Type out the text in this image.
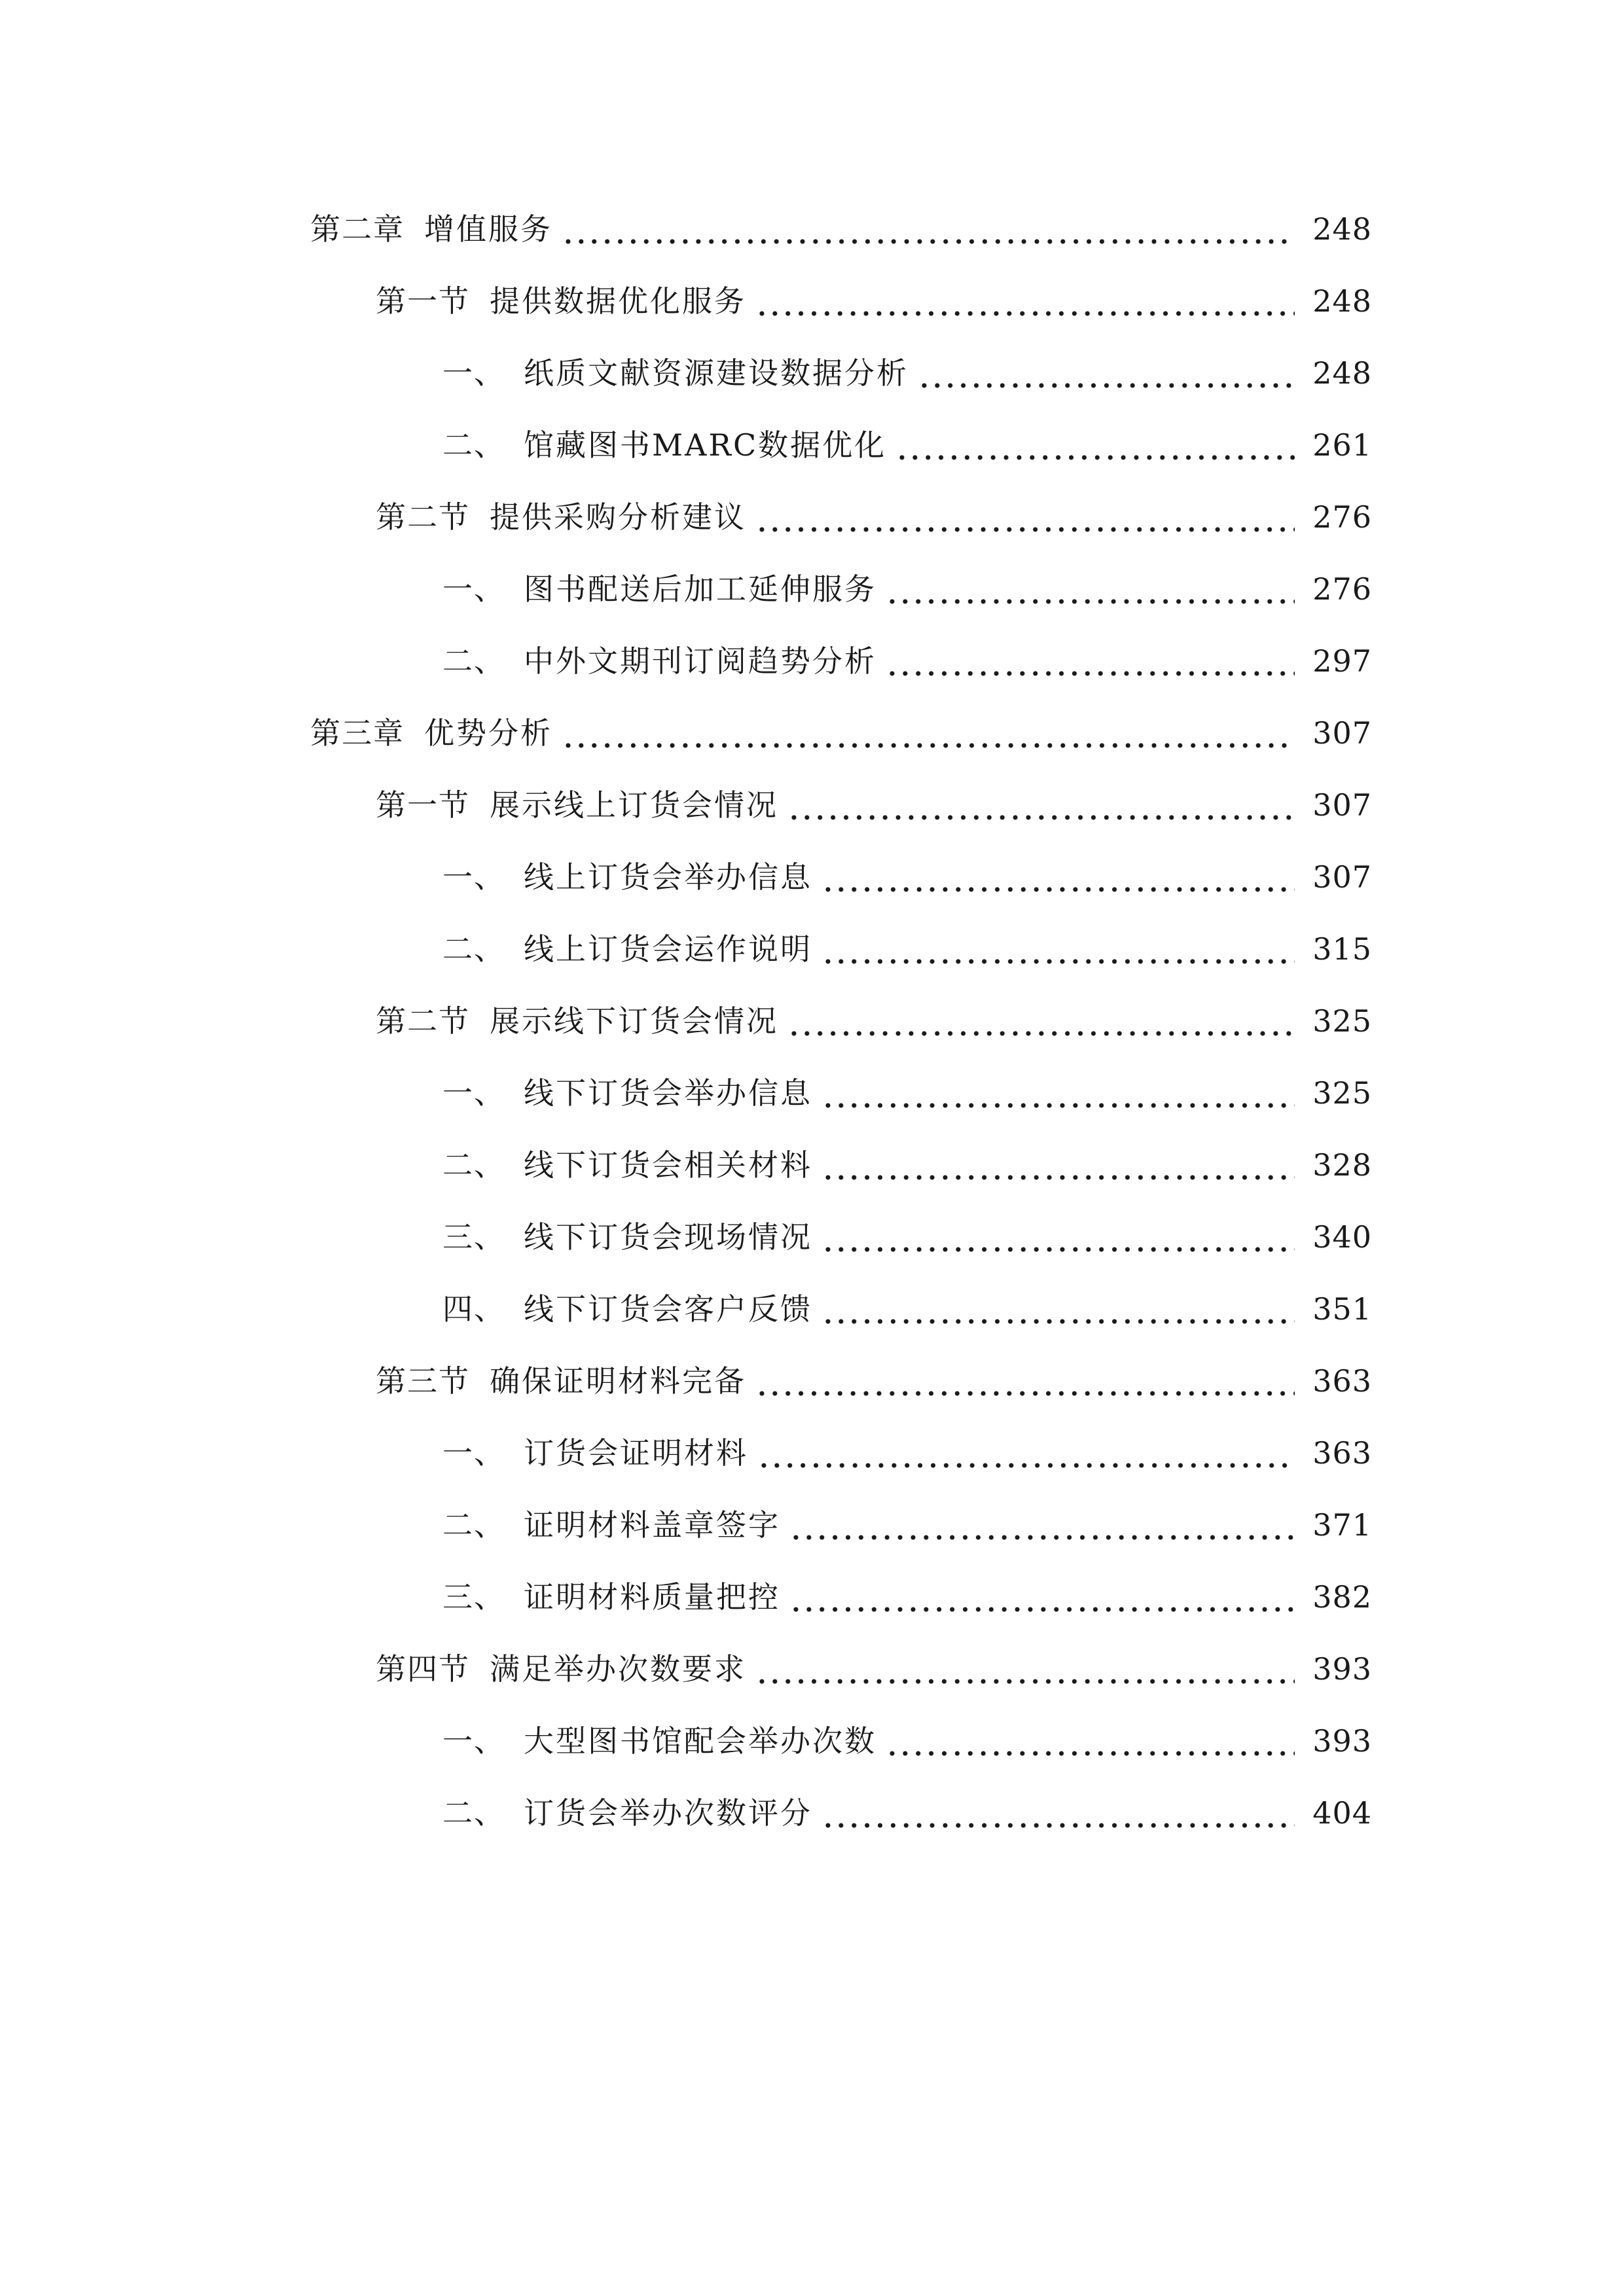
第二章 增值服务	248
第一节 提供数据优化服务	248
一、 纸质文献资源建设数据分析	248
二、 馆藏图书MARC数据优化	261
第二节 提供采购分析建议	276
一、 图书配送后加工延伸服务	276
二、 中外文期刊订阅趋势分析	297
第三章 优势分析	307
第一节 展示线上订货会情况	307
一、 线上订货会举办信息	307
二、 线上订货会运作说明	315
第二节 展示线下订货会情况	325
一、 线下订货会举办信息	325
二、 线下订货会相关材料	328
三、 线下订货会现场情况	340
四、 线下订货会客户反馈	351
第三节 确保证明材料完备	363
一、 订货会证明材料	363
二、 证明材料盖章签字	371
三、 证明材料质量把控	382
第四节 满足举办次数要求	393
一、 大型图书馆配会举办次数	393
二、 订货会举办次数评分	404
